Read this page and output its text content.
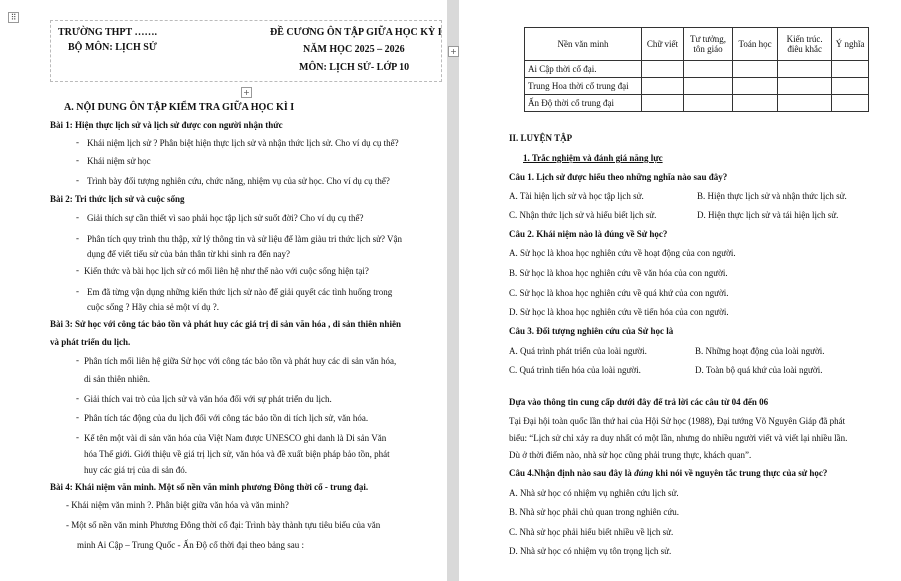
⠿
TRƯỜNG THPT …….
BỘ MÔN: LỊCH SỬ
ĐỀ CƯƠNG ÔN TẬP GIỮA HỌC KỲ I
NĂM HỌC 2025 – 2026
MÔN: LỊCH SỬ- LỚP 10
+
A. NỘI DUNG ÔN TẬP KIỂM TRA GIỮA HỌC KÌ I
Bài 1: Hiện thực lịch sử và lịch sử được con người nhận thức
- Khái niệm lịch sử ? Phân biệt hiện thực lịch sử và nhận thức lịch sử. Cho ví dụ cụ thể?
- Khái niệm sử học
- Trình bày đối tượng nghiên cứu, chức năng, nhiệm vụ của sử học. Cho ví dụ cụ thể?
Bài 2: Tri thức lịch sử và cuộc sống
- Giải thích sự cần thiết vì sao phải học tập lịch sử suốt đời? Cho ví dụ cụ thể?
- Phân tích quy trình thu thập, xử lý thông tin và sử liệu để làm giàu tri thức lịch sử? Vận
dụng để viết tiểu sử của bản thân từ khi sinh ra đến nay?
- Kiến thức và bài học lịch sử có mối liên hệ như thế nào với cuộc sống hiện tại?
- Em đã từng vận dụng những kiến thức lịch sử nào để giải quyết các tình huống trong
cuộc sống ? Hãy chia sẻ một ví dụ ?.
Bài 3: Sử học với công tác bảo tồn và phát huy các giá trị di sản văn hóa , di sản thiên nhiên
và phát triển du lịch.
- Phân tích mối liên hệ giữa Sử học với công tác bảo tồn và phát huy các di sản văn hóa,
di sản thiên nhiên.
- Giải thích vai trò của lịch sử và văn hóa đối với sự phát triển du lịch.
- Phân tích tác động của du lịch đối với công tác bảo tồn di tích lịch sử, văn hóa.
- Kể tên một vài di sản văn hóa của Việt Nam được UNESCO ghi danh là Di sản Văn
hóa Thế giới. Giới thiệu về giá trị lịch sử, văn hóa và đề xuất biện pháp bảo tồn, phát
huy các giá trị của di sản đó.
Bài 4: Khái niệm văn minh. Một số nền văn minh phương Đông thời cổ - trung đại.
- Khái niệm văn minh ?. Phân biệt giữa văn hóa và văn minh?
- Một số nền văn minh Phương Đông thời cổ đại: Trình bày thành tựu tiêu biểu của văn
minh Ai Cập – Trung Quốc - Ấn Độ cổ thời đại theo bảng sau :
+
Nền văn minh	Chữ viết	Tư tưởng, tôn giáo	Toán học	Kiến trúc. điêu khắc	Ý nghĩa
Ai Cập thời cổ đại.					
Trung Hoa thời cổ trung đại					
Ấn Độ thời cổ trung đại					
II. LUYỆN TẬP
1. Trắc nghiệm và đánh giá năng lực
Câu 1. Lịch sử được hiểu theo những nghĩa nào sau đây?
A. Tài hiện lịch sử và học tập lịch sử.	B. Hiện thực lịch sử và nhận thức lịch sử.
C. Nhận thức lịch sử và hiểu biết lịch sử.	D. Hiện thực lịch sử và tái hiện lịch sử.
Câu 2. Khái niệm nào là đúng về Sử học?
A. Sử học là khoa học nghiên cứu về hoạt động của con người.
B. Sử học là khoa học nghiên cứu về văn hóa của con người.
C. Sử học là khoa học nghiên cứu về quá khứ của con người.
D. Sử học là khoa học nghiên cứu về tiến hóa của con người.
Câu 3. Đối tượng nghiên cứu của Sử học là
A. Quá trình phát triển của loài người.	B. Những hoạt động của loài người.
C. Quá trình tiến hóa của loài người.	D. Toàn bộ quá khứ của loài người.
Dựa vào thông tin cung cấp dưới đây để trả lời các câu từ 04 đến 06
Tại Đại hội toàn quốc lần thứ hai của Hội Sử học (1988), Đại tướng Võ Nguyên Giáp đã phát
biểu: “Lịch sử chỉ xảy ra duy nhất có một lần, nhưng do nhiều người viết và viết lại nhiều lần.
Dù ở thời điểm nào, nhà sử học cũng phải trung thực, khách quan”.
Câu 4.Nhận định nào sau đây là đúng khi nói về nguyên tắc trung thực của sử học?
A. Nhà sử học có nhiệm vụ nghiên cứu lịch sử.
B. Nhà sử học phải chủ quan trong nghiên cứu.
C. Nhà sử học phải hiểu biết nhiều về lịch sử.
D. Nhà sử học có nhiệm vụ tôn trọng lịch sử.
